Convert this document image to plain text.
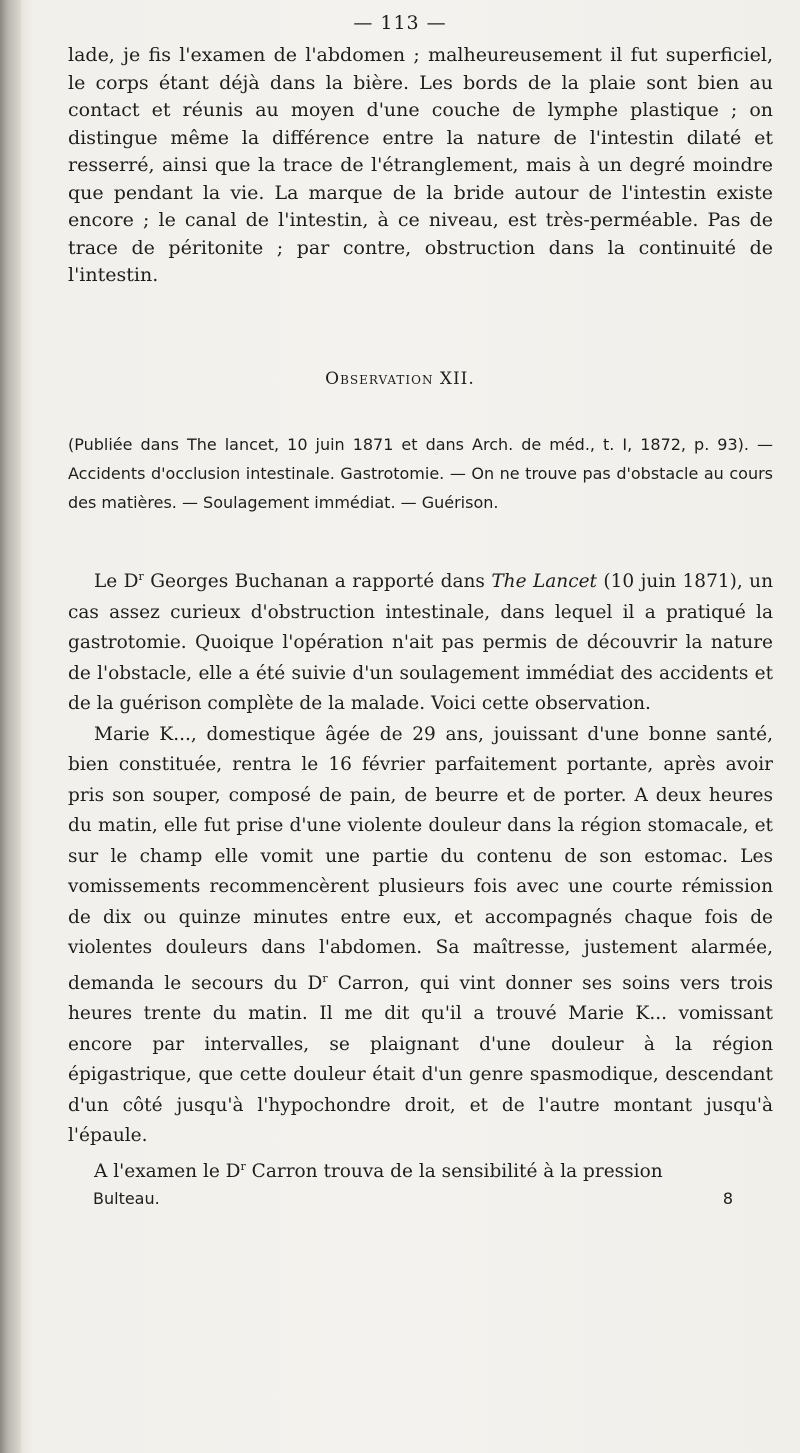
— 113 —

lade, je fis l'examen de l'abdomen ; malheureusement il fut superficiel, le corps étant déjà dans la bière. Les bords de la plaie sont bien au contact et réunis au moyen d'une couche de lymphe plastique ; on distingue même la différence entre la nature de l'intestin dilaté et resserré, ainsi que la trace de l'étranglement, mais à un degré moindre que pendant la vie. La marque de la bride autour de l'intestin existe encore ; le canal de l'intestin, à ce niveau, est très-perméable. Pas de trace de péritonite ; par contre, obstruction dans la continuité de l'intestin.

Observation XII.

(Publiée dans The lancet, 10 juin 1871 et dans Arch. de méd., t. I, 1872, p. 93). — Accidents d'occlusion intestinale. Gastrotomie. — On ne trouve pas d'obstacle au cours des matières. — Soulagement immédiat. — Guérison.

Le $D^r$ Georges Buchanan a rapporté dans The Lancet (10 juin 1871), un cas assez curieux d'obstruction intestinale, dans lequel il a pratiqué la gastrotomie. Quoique l'opération n'ait pas permis de découvrir la nature de l'obstacle, elle a été suivie d'un soulagement immédiat des accidents et de la guérison complète de la malade. Voici cette observation.

Marie K..., domestique âgée de 29 ans, jouissant d'une bonne santé, bien constituée, rentra le 16 février parfaitement portante, après avoir pris son souper, composé de pain, de beurre et de porter. A deux heures du matin, elle fut prise d'une violente douleur dans la région stomacale, et sur le champ elle vomit une partie du contenu de son estomac. Les vomissements recommencèrent plusieurs fois avec une courte rémission de dix ou quinze minutes entre eux, et accompagnés chaque fois de violentes douleurs dans l'abdomen. Sa maîtresse, justement alarmée, demanda le secours du $D^r$ Carron, qui vint donner ses soins vers trois heures trente du matin. Il me dit qu'il a trouvé Marie K... vomissant encore par intervalles, se plaignant d'une douleur à la région épigastrique, que cette douleur était d'un genre spasmodique, descendant d'un côté jusqu'à l'hypochondre droit, et de l'autre montant jusqu'à l'épaule.

A l'examen le $D^r$ Carron trouva de la sensibilité à la pression

Bulteau.	8
